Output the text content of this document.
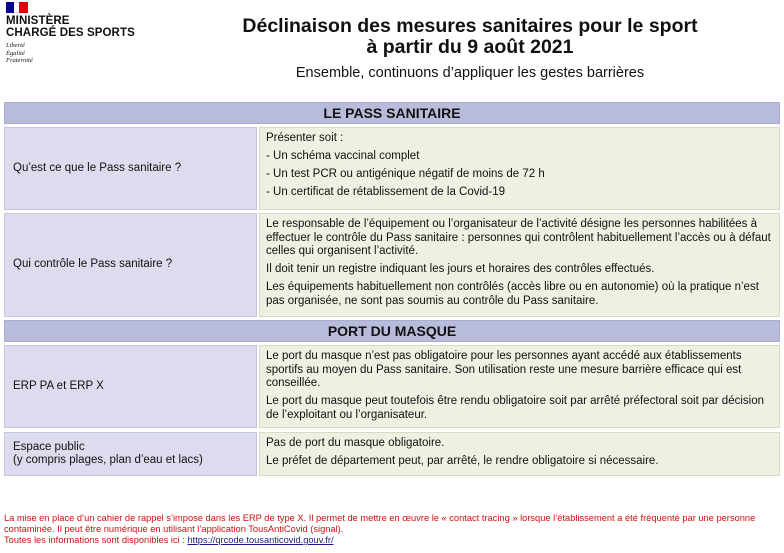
MINISTÈRE
CHARGÉ DES SPORTS
Liberté
Égalité
Fraternité
Déclinaison des mesures sanitaires pour le sport
à partir du 9 août 2021
Ensemble, continuons d’appliquer les gestes barrières
LE PASS SANITAIRE
Qu’est ce que le Pass sanitaire ?

Présenter soit :

- Un schéma vaccinal complet

- Un test PCR ou antigénique négatif de moins de 72 h

- Un certificat de rétablissement de la Covid-19

Qui contrôle le Pass sanitaire ?

Le responsable de l’équipement ou l’organisateur de l’activité désigne les personnes habilitées à effectuer le contrôle du Pass sanitaire : personnes qui contrôlent habituellement l’accès ou à défaut celles qui organisent l’activité.

Il doit tenir un registre indiquant les jours et horaires des contrôles effectués.

Les équipements habituellement non contrôlés (accès libre ou en autonomie) où la pratique n’est pas organisée, ne sont pas soumis au contrôle du Pass sanitaire.

PORT DU MASQUE
ERP PA et ERP X

Le port du masque n’est pas obligatoire pour les personnes ayant accédé aux établissements sportifs au moyen du Pass sanitaire. Son utilisation reste une mesure barrière efficace qui est conseillée.

Le port du masque peut toutefois être rendu obligatoire soit par arrêté préfectoral soit par décision de l’exploitant ou l’organisateur.

Espace public
(y compris plages, plan d’eau et lacs)

Pas de port du masque obligatoire.

Le préfet de département peut, par arrêté, le rendre obligatoire si nécessaire.

La mise en place d’un cahier de rappel s’impose dans les ERP de type X. Il permet de mettre en œuvre le « contact tracing » lorsque l’établissement a été fréquenté par une personne contaminée. Il peut être numérique en utilisant l’application TousAntiCovid (signal).
Toutes les informations sont disponibles ici : https://qrcode.tousanticovid.gouv.fr/
